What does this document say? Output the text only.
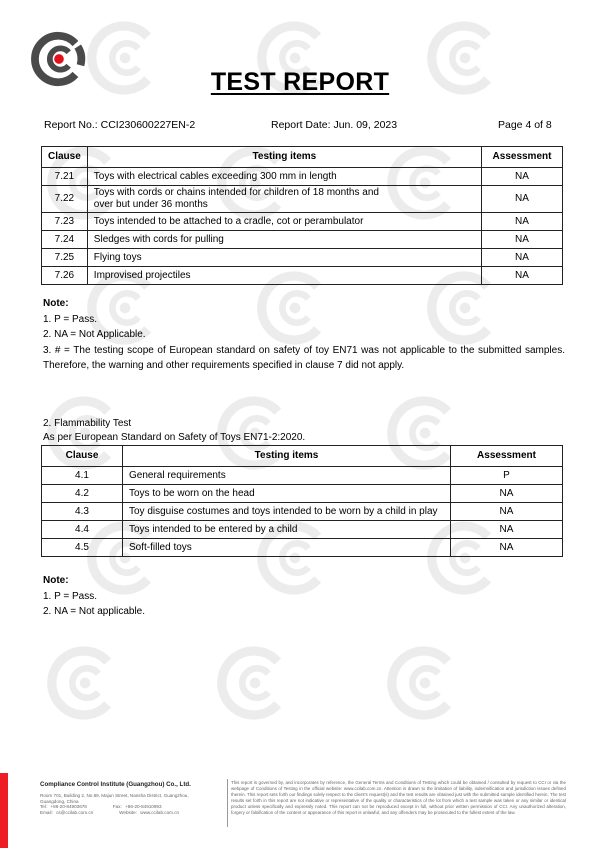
TEST REPORT
Report No.: CCI230600227EN-2	Report Date: Jun. 09, 2023	Page 4 of 8
Clause	Testing items	Assessment
7.21	Toys with electrical cables exceeding 300 mm in length	NA
7.22	Toys with cords or chains intended for children of 18 months and over but under 36 months	NA
7.23	Toys intended to be attached to a cradle, cot or perambulator	NA
7.24	Sledges with cords for pulling	NA
7.25	Flying toys	NA
7.26	Improvised projectiles	NA
Note:
1. P = Pass.
2. NA = Not Applicable.
3. # = The testing scope of European standard on safety of toy EN71 was not applicable to the submitted samples.
Therefore, the warning and other requirements specified in clause 7 did not apply.
2. Flammability Test
As per European Standard on Safety of Toys EN71-2:2020.
Clause	Testing items	Assessment
4.1	General requirements	P
4.2	Toys to be worn on the head	NA
4.3	Toy disguise costumes and toys intended to be worn by a child in play	NA
4.4	Toys intended to be entered by a child	NA
4.5	Soft-filled toys	NA
Note:
1. P = Pass.
2. NA = Not applicable.
Compliance Control Institute (Guangzhou) Co., Ltd.
Room 701, Building 2, No.89, Majun Street, Nansha District, Guangzhou,
Guangdong, China
Tel：+86-20-84903678	Fax：+86-20-84910993
Email：cs@ccilab.com.cn	Website：www.ccilab.com.cn
This report is governed by, and incorporates by reference, the General Terms and Conditions of Testing which could be obtained / consulted by request to CCI or via the webpage of Conditions of Testing in the official website: www.ccilab.com.cn. Attention is drawn to the limitation of liability, indemnification and jurisdiction issues defined therein. This report sets forth our findings solely respect to the client's request(s) and the test results are obtained just with the submitted sample identified herein. The test results set forth in this report are not indicative or representative of the quality or characteristics of the lot from which a test sample was taken or any similar or identical product unless specifically and expressly noted. This report can not be reproduced except in full, without prior written permission of CCI. Any unauthorized alteration, forgery or falsification of the content or appearance of this report is unlawful, and any offenders may be prosecuted to the fullest extent of the law.
